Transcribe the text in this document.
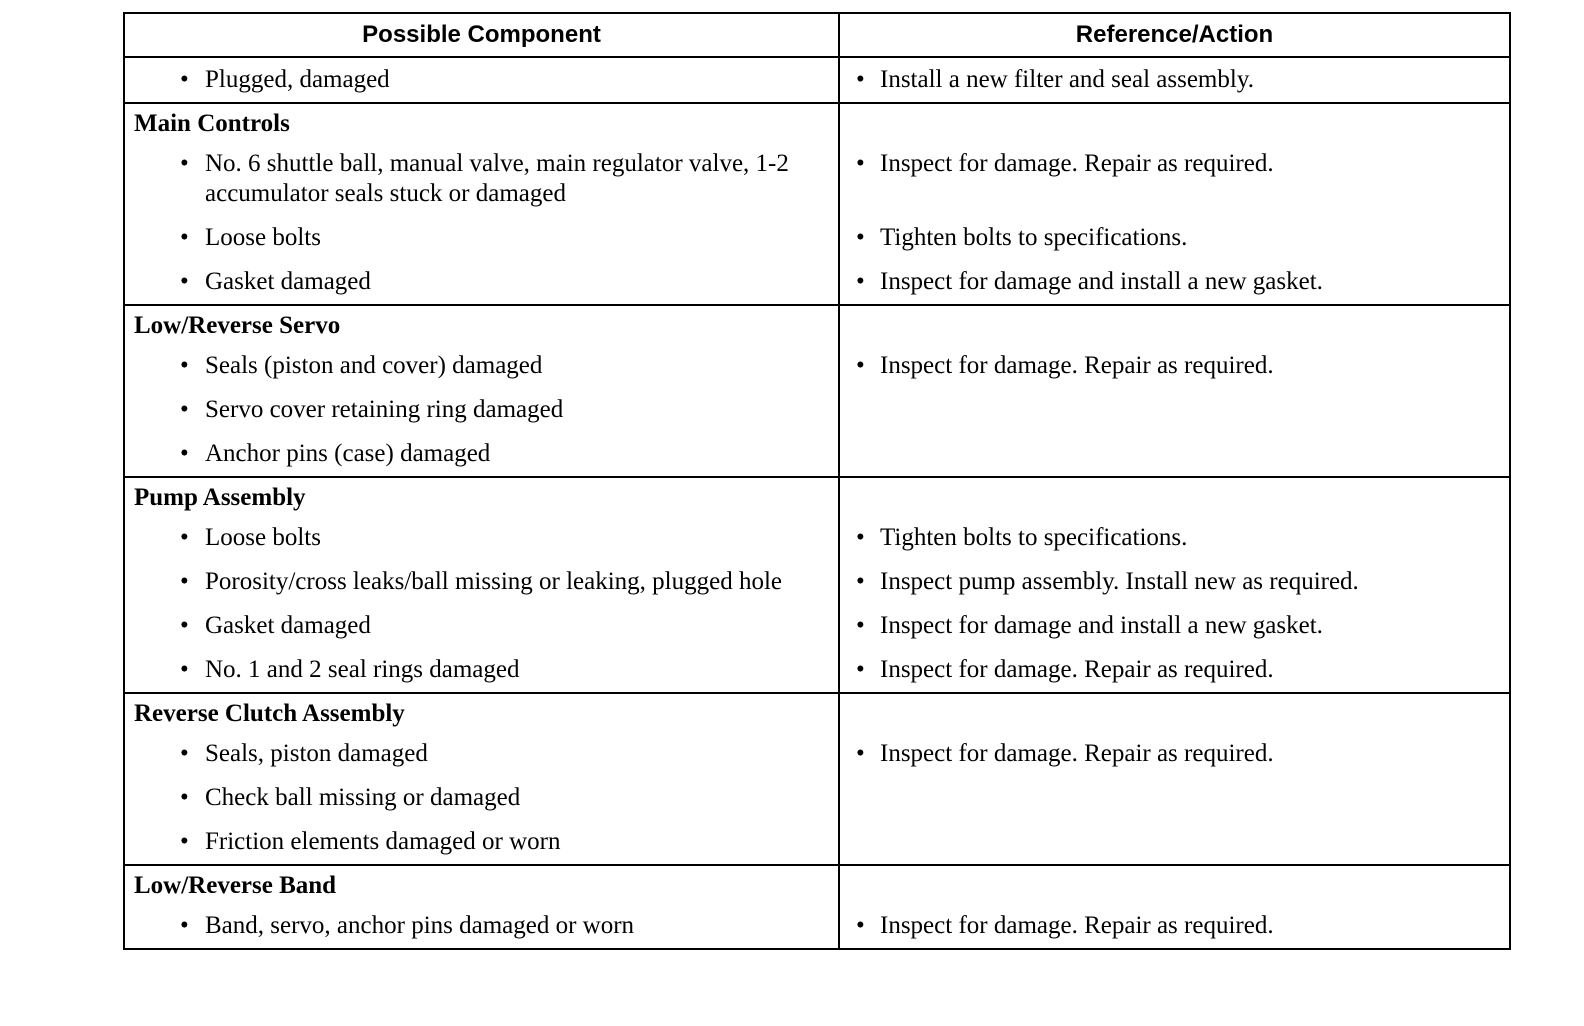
Possible Component	Reference/Action

• Plugged, damaged	• Install a new filter and seal assembly.

Main Controls	

• No. 6 shuttle ball, manual valve, main regulator valve, 1-2 accumulator seals stuck or damaged	• Inspect for damage. Repair as required.

• Loose bolts	• Tighten bolts to specifications.

• Gasket damaged	• Inspect for damage and install a new gasket.

Low/Reverse Servo	

• Seals (piston and cover) damaged	• Inspect for damage. Repair as required.

• Servo cover retaining ring damaged	

• Anchor pins (case) damaged	

Pump Assembly	

• Loose bolts	• Tighten bolts to specifications.

• Porosity/cross leaks/ball missing or leaking, plugged hole	• Inspect pump assembly. Install new as required.

• Gasket damaged	• Inspect for damage and install a new gasket.

• No. 1 and 2 seal rings damaged	• Inspect for damage. Repair as required.

Reverse Clutch Assembly	

• Seals, piston damaged	• Inspect for damage. Repair as required.

• Check ball missing or damaged	

• Friction elements damaged or worn	

Low/Reverse Band	

• Band, servo, anchor pins damaged or worn	• Inspect for damage. Repair as required.
